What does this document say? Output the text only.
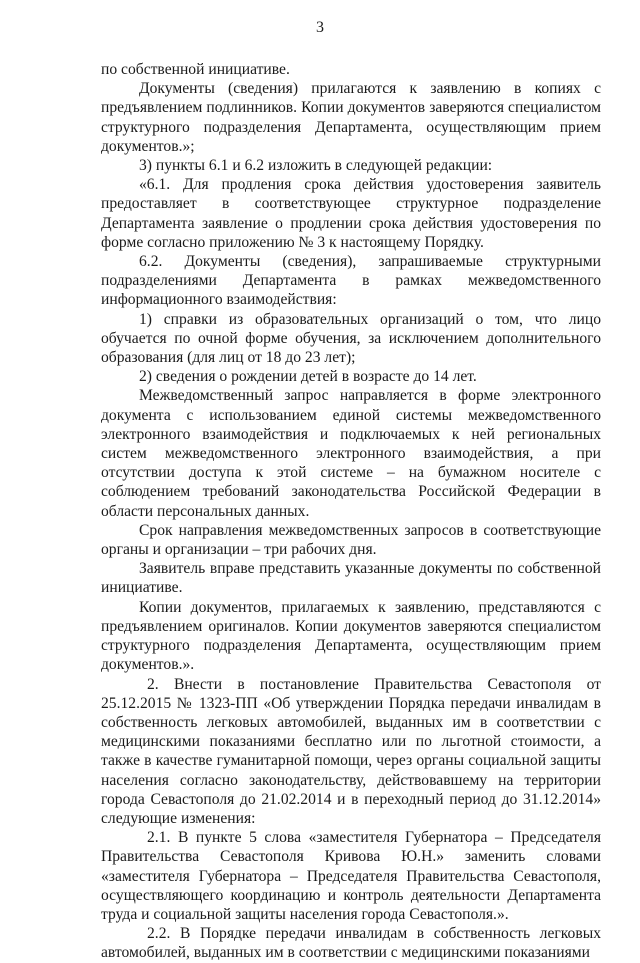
3

по собственной инициативе.

Документы (сведения) прилагаются к заявлению в копиях с предъявлением подлинников. Копии документов заверяются специалистом структурного подразделения Департамента, осуществляющим прием документов.»;

3) пункты 6.1 и 6.2 изложить в следующей редакции:

«6.1. Для продления срока действия удостоверения заявитель предоставляет в соответствующее структурное подразделение Департамента заявление о продлении срока действия удостоверения по форме согласно приложению № 3 к настоящему Порядку.

6.2. Документы (сведения), запрашиваемые структурными подразделениями Департамента в рамках межведомственного информационного взаимодействия:

1) справки из образовательных организаций о том, что лицо обучается по очной форме обучения, за исключением дополнительного образования (для лиц от 18 до 23 лет);

2) сведения о рождении детей в возрасте до 14 лет.

Межведомственный запрос направляется в форме электронного документа с использованием единой системы межведомственного электронного взаимодействия и подключаемых к ней региональных систем межведомственного электронного взаимодействия, а при отсутствии доступа к этой системе – на бумажном носителе с соблюдением требований законодательства Российской Федерации в области персональных данных.

Срок направления межведомственных запросов в соответствующие органы и организации – три рабочих дня.

Заявитель вправе представить указанные документы по собственной инициативе.

Копии документов, прилагаемых к заявлению, представляются с предъявлением оригиналов. Копии документов заверяются специалистом структурного подразделения Департамента, осуществляющим прием документов.».

2. Внести в постановление Правительства Севастополя от 25.12.2015 № 1323-ПП «Об утверждении Порядка передачи инвалидам в собственность легковых автомобилей, выданных им в соответствии с медицинскими показаниями бесплатно или по льготной стоимости, а также в качестве гуманитарной помощи, через органы социальной защиты населения согласно законодательству, действовавшему на территории города Севастополя до 21.02.2014 и в переходный период до 31.12.2014» следующие изменения:

2.1. В пункте 5 слова «заместителя Губернатора – Председателя Правительства Севастополя Кривова Ю.Н.» заменить словами «заместителя Губернатора – Председателя Правительства Севастополя, осуществляющего координацию и контроль деятельности Департамента труда и социальной защиты населения города Севастополя.».

2.2. В Порядке передачи инвалидам в собственность легковых автомобилей, выданных им в соответствии с медицинскими показаниями
